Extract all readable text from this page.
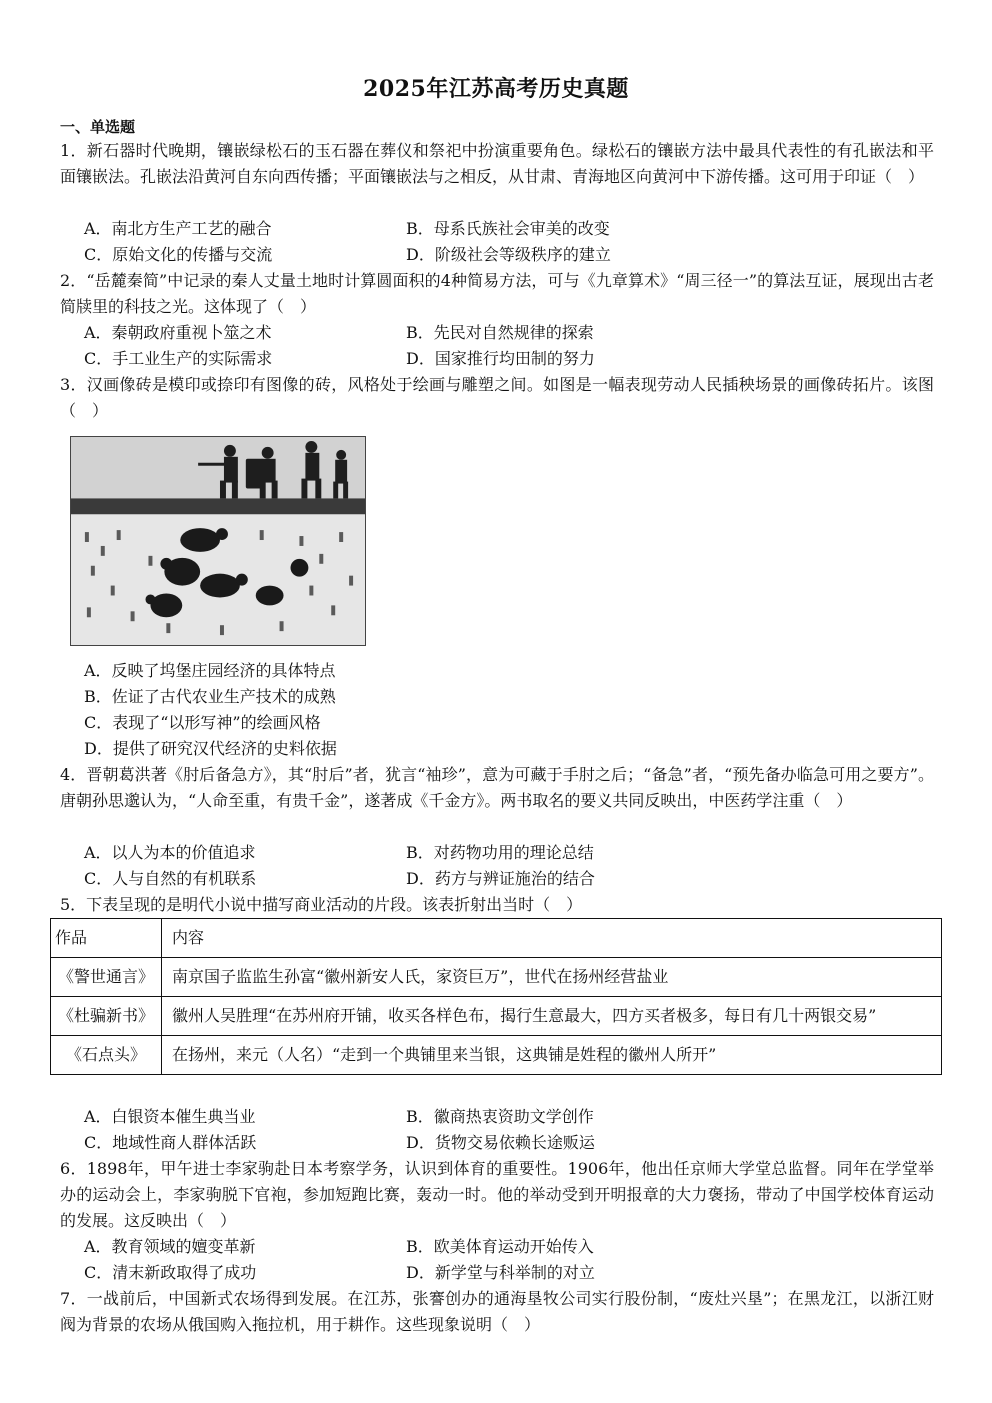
2025年江苏高考历史真题
一、单选题
1．新石器时代晚期，镶嵌绿松石的玉石器在葬仪和祭祀中扮演重要角色。绿松石的镶嵌方法中最具代表性的有孔嵌法和平面镶嵌法。孔嵌法沿黄河自东向西传播；平面镶嵌法与之相反，从甘肃、青海地区向黄河中下游传播。这可用于印证（　）
A．南北方生产工艺的融合	B．母系氏族社会审美的改变
C．原始文化的传播与交流	D．阶级社会等级秩序的建立
2．“岳麓秦简”中记录的秦人丈量土地时计算圆面积的4种简易方法，可与《九章算术》“周三径一”的算法互证，展现出古老简牍里的科技之光。这体现了（　）
A．秦朝政府重视卜筮之术	B．先民对自然规律的探索
C．手工业生产的实际需求	D．国家推行均田制的努力
3．汉画像砖是模印或捺印有图像的砖，风格处于绘画与雕塑之间。如图是一幅表现劳动人民插秧场景的画像砖拓片。该图（　）
A．反映了坞堡庄园经济的具体特点
B．佐证了古代农业生产技术的成熟
C．表现了“以形写神”的绘画风格
D．提供了研究汉代经济的史料依据
4．晋朝葛洪著《肘后备急方》，其“肘后”者，犹言“袖珍”，意为可藏于手肘之后；“备急”者，“预先备办临急可用之要方”。唐朝孙思邈认为，“人命至重，有贵千金”，遂著成《千金方》。两书取名的要义共同反映出，中医药学注重（　）
A．以人为本的价值追求	B．对药物功用的理论总结
C．人与自然的有机联系	D．药方与辨证施治的结合
5．下表呈现的是明代小说中描写商业活动的片段。该表折射出当时（　）
作品	内容
《警世通言》	南京国子监监生孙富“徽州新安人氏，家资巨万”，世代在扬州经营盐业
《杜骗新书》	徽州人吴胜理“在苏州府开铺，收买各样色布，揭行生意最大，四方买者极多，每日有几十两银交易”
《石点头》	在扬州，来元（人名）“走到一个典铺里来当银，这典铺是姓程的徽州人所开”
A．白银资本催生典当业	B．徽商热衷资助文学创作
C．地域性商人群体活跃	D．货物交易依赖长途贩运
6．1898年，甲午进士李家驹赴日本考察学务，认识到体育的重要性。1906年，他出任京师大学堂总监督。同年在学堂举办的运动会上，李家驹脱下官袍，参加短跑比赛，轰动一时。他的举动受到开明报章的大力褒扬，带动了中国学校体育运动的发展。这反映出（　）
A．教育领域的嬗变革新	B．欧美体育运动开始传入
C．清末新政取得了成功	D．新学堂与科举制的对立
7．一战前后，中国新式农场得到发展。在江苏，张謇创办的通海垦牧公司实行股份制，“废灶兴垦”；在黑龙江，以浙江财阀为背景的农场从俄国购入拖拉机，用于耕作。这些现象说明（　）
